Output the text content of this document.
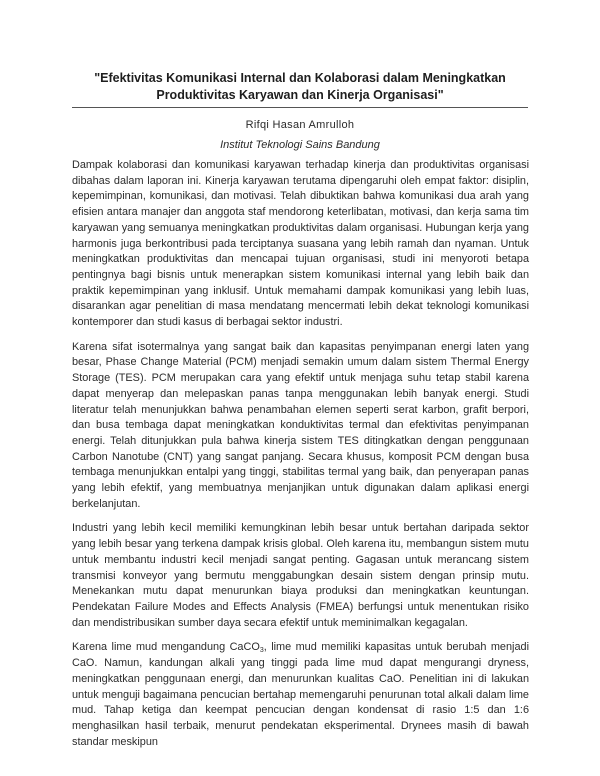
"Efektivitas Komunikasi Internal dan Kolaborasi dalam Meningkatkan Produktivitas Karyawan dan Kinerja Organisasi"
Rifqi Hasan Amrulloh
Institut Teknologi Sains Bandung

Dampak kolaborasi dan komunikasi karyawan terhadap kinerja dan produktivitas organisasi dibahas dalam laporan ini. Kinerja karyawan terutama dipengaruhi oleh empat faktor: disiplin, kepemimpinan, komunikasi, dan motivasi. Telah dibuktikan bahwa komunikasi dua arah yang efisien antara manajer dan anggota staf mendorong keterlibatan, motivasi, dan kerja sama tim karyawan yang semuanya meningkatkan produktivitas dalam organisasi. Hubungan kerja yang harmonis juga berkontribusi pada terciptanya suasana yang lebih ramah dan nyaman. Untuk meningkatkan produktivitas dan mencapai tujuan organisasi, studi ini menyoroti betapa pentingnya bagi bisnis untuk menerapkan sistem komunikasi internal yang lebih baik dan praktik kepemimpinan yang inklusif. Untuk memahami dampak komunikasi yang lebih luas, disarankan agar penelitian di masa mendatang mencermati lebih dekat teknologi komunikasi kontemporer dan studi kasus di berbagai sektor industri.

Karena sifat isotermalnya yang sangat baik dan kapasitas penyimpanan energi laten yang besar, Phase Change Material (PCM) menjadi semakin umum dalam sistem Thermal Energy Storage (TES). PCM merupakan cara yang efektif untuk menjaga suhu tetap stabil karena dapat menyerap dan melepaskan panas tanpa menggunakan lebih banyak energi. Studi literatur telah menunjukkan bahwa penambahan elemen seperti serat karbon, grafit berpori, dan busa tembaga dapat meningkatkan konduktivitas termal dan efektivitas penyimpanan energi. Telah ditunjukkan pula bahwa kinerja sistem TES ditingkatkan dengan penggunaan Carbon Nanotube (CNT) yang sangat panjang. Secara khusus, komposit PCM dengan busa tembaga menunjukkan entalpi yang tinggi, stabilitas termal yang baik, dan penyerapan panas yang lebih efektif, yang membuatnya menjanjikan untuk digunakan dalam aplikasi energi berkelanjutan.

Industri yang lebih kecil memiliki kemungkinan lebih besar untuk bertahan daripada sektor yang lebih besar yang terkena dampak krisis global. Oleh karena itu, membangun sistem mutu untuk membantu industri kecil menjadi sangat penting. Gagasan untuk merancang sistem transmisi konveyor yang bermutu menggabungkan desain sistem dengan prinsip mutu. Menekankan mutu dapat menurunkan biaya produksi dan meningkatkan keuntungan. Pendekatan Failure Modes and Effects Analysis (FMEA) berfungsi untuk menentukan risiko dan mendistribusikan sumber daya secara efektif untuk meminimalkan kegagalan.

Karena lime mud mengandung CaCO$_3$, lime mud memiliki kapasitas untuk berubah menjadi CaO. Namun, kandungan alkali yang tinggi pada lime mud dapat mengurangi dryness, meningkatkan penggunaan energi, dan menurunkan kualitas CaO. Penelitian ini di lakukan untuk menguji bagaimana pencucian bertahap memengaruhi penurunan total alkali dalam lime mud. Tahap ketiga dan keempat pencucian dengan kondensat di rasio 1:5 dan 1:6 menghasilkan hasil terbaik, menurut pendekatan eksperimental. Drynees masih di bawah standar meskipun
